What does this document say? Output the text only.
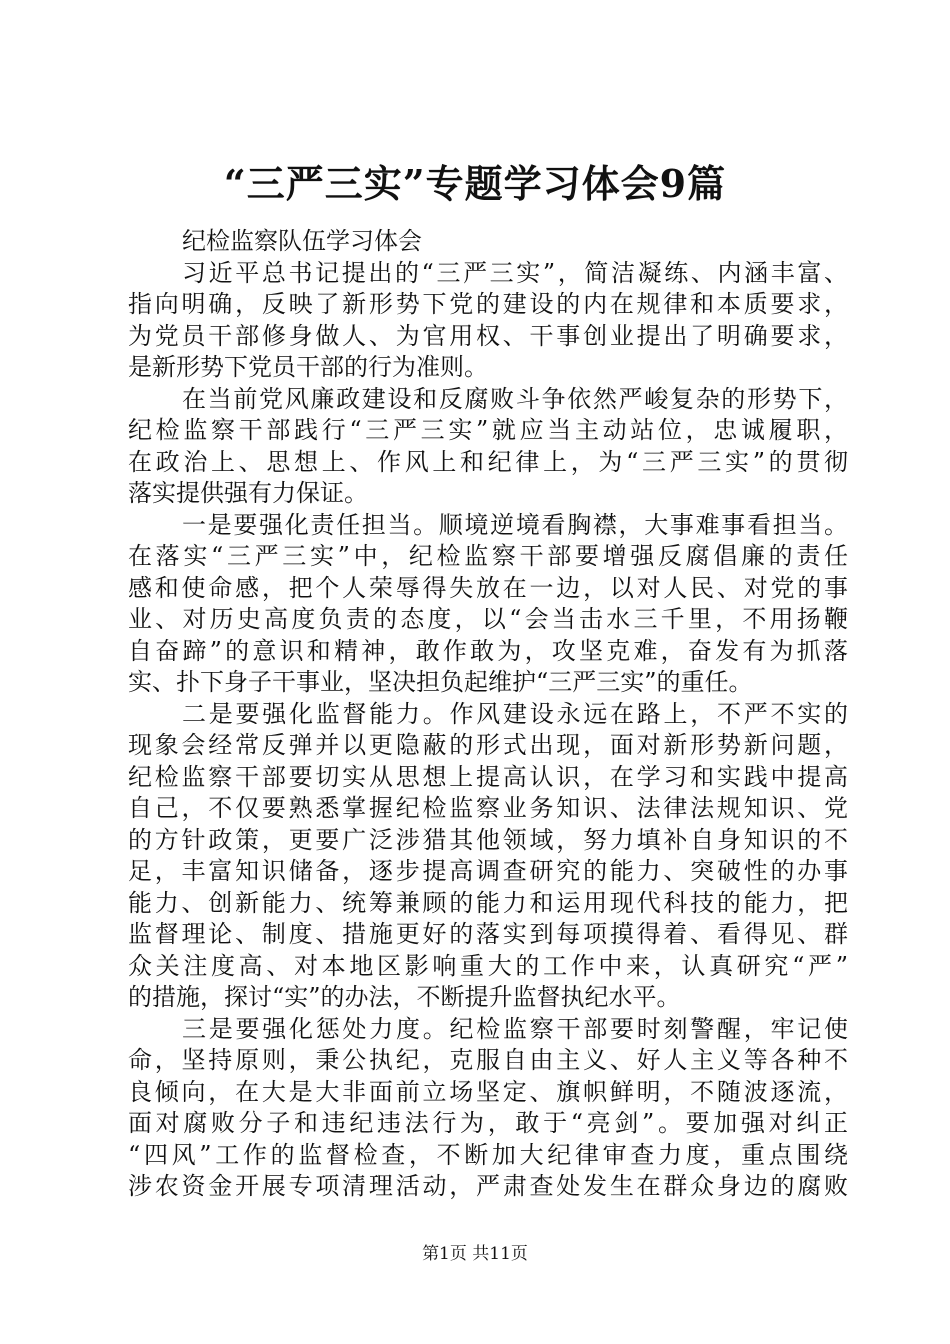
“三严三实”专题学习体会9篇
纪检监察队伍学习体会
习近平总书记提出的“三严三实”，简洁凝练、内涵丰富、
指向明确，反映了新形势下党的建设的内在规律和本质要求，
为党员干部修身做人、为官用权、干事创业提出了明确要求，
是新形势下党员干部的行为准则。
在当前党风廉政建设和反腐败斗争依然严峻复杂的形势下，
纪检监察干部践行“三严三实”就应当主动站位，忠诚履职，
在政治上、思想上、作风上和纪律上，为“三严三实”的贯彻
落实提供强有力保证。
一是要强化责任担当。顺境逆境看胸襟，大事难事看担当。
在落实“三严三实”中，纪检监察干部要增强反腐倡廉的责任
感和使命感，把个人荣辱得失放在一边，以对人民、对党的事
业、对历史高度负责的态度，以“会当击水三千里，不用扬鞭
自奋蹄”的意识和精神，敢作敢为，攻坚克难，奋发有为抓落
实、扑下身子干事业，坚决担负起维护“三严三实”的重任。
二是要强化监督能力。作风建设永远在路上，不严不实的
现象会经常反弹并以更隐蔽的形式出现，面对新形势新问题，
纪检监察干部要切实从思想上提高认识，在学习和实践中提高
自己，不仅要熟悉掌握纪检监察业务知识、法律法规知识、党
的方针政策，更要广泛涉猎其他领域，努力填补自身知识的不
足，丰富知识储备，逐步提高调查研究的能力、突破性的办事
能力、创新能力、统筹兼顾的能力和运用现代科技的能力，把
监督理论、制度、措施更好的落实到每项摸得着、看得见、群
众关注度高、对本地区影响重大的工作中来，认真研究“严”
的措施，探讨“实”的办法，不断提升监督执纪水平。
三是要强化惩处力度。纪检监察干部要时刻警醒，牢记使
命，坚持原则，秉公执纪，克服自由主义、好人主义等各种不
良倾向，在大是大非面前立场坚定、旗帜鲜明，不随波逐流，
面对腐败分子和违纪违法行为，敢于“亮剑”。要加强对纠正
“四风”工作的监督检查，不断加大纪律审查力度，重点围绕
涉农资金开展专项清理活动，严肃查处发生在群众身边的腐败
第1页 共11页
